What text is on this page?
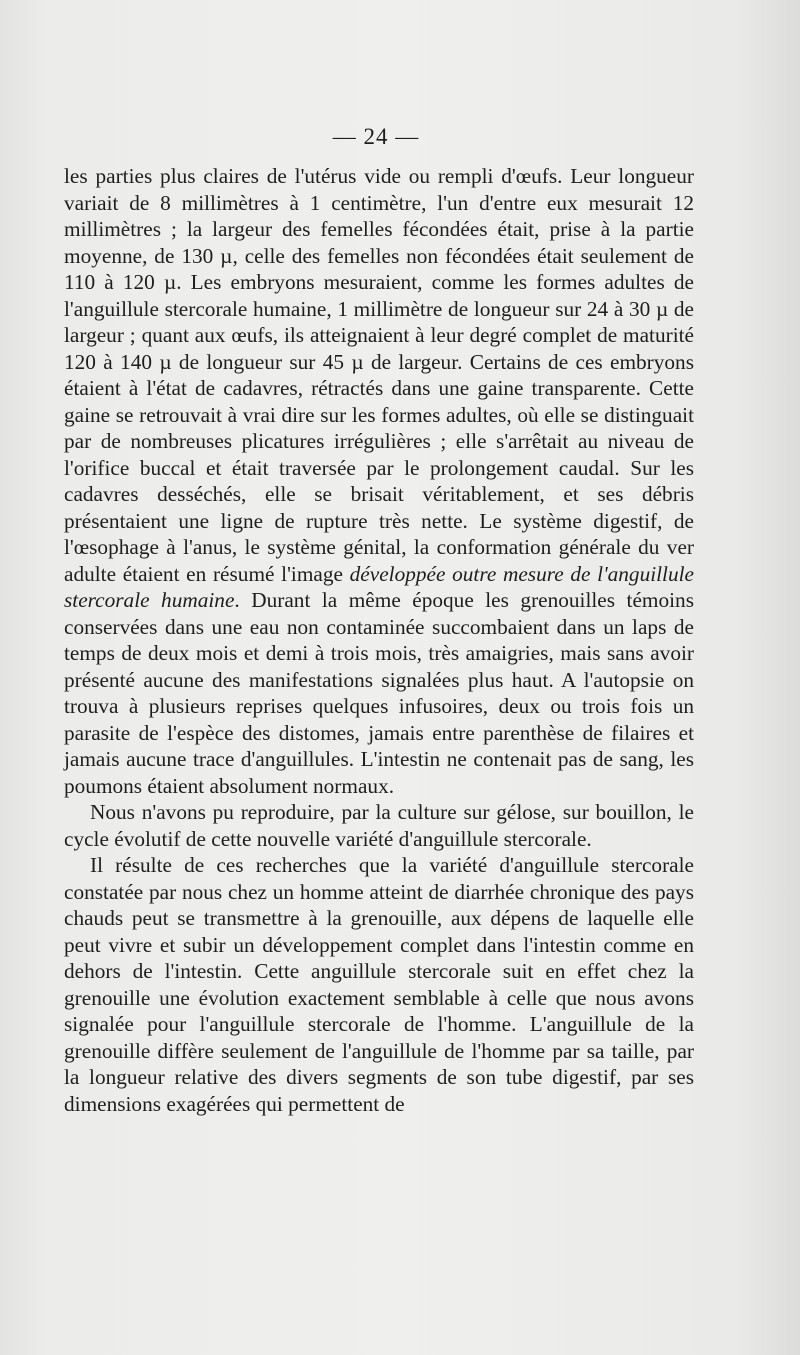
— 24 —

les parties plus claires de l'utérus vide ou rempli d'œufs. Leur longueur variait de 8 millimètres à 1 centimètre, l'un d'entre eux mesurait 12 millimètres ; la largeur des femelles fécondées était, prise à la partie moyenne, de 130 µ, celle des femelles non fécondées était seulement de 110 à 120 µ. Les embryons mesuraient, comme les formes adultes de l'anguillule stercorale humaine, 1 millimètre de longueur sur 24 à 30 µ de largeur ; quant aux œufs, ils atteignaient à leur degré complet de maturité 120 à 140 µ de longueur sur 45 µ de largeur. Certains de ces embryons étaient à l'état de cadavres, rétractés dans une gaine transparente. Cette gaine se retrouvait à vrai dire sur les formes adultes, où elle se distinguait par de nombreuses plicatures irrégulières ; elle s'arrêtait au niveau de l'orifice buccal et était traversée par le prolongement caudal. Sur les cadavres desséchés, elle se brisait véritablement, et ses débris présentaient une ligne de rupture très nette. Le système digestif, de l'œsophage à l'anus, le système génital, la conformation générale du ver adulte étaient en résumé l'image développée outre mesure de l'anguillule stercorale humaine. Durant la même époque les grenouilles témoins conservées dans une eau non contaminée succombaient dans un laps de temps de deux mois et demi à trois mois, très amaigries, mais sans avoir présenté aucune des manifestations signalées plus haut. A l'autopsie on trouva à plusieurs reprises quelques infusoires, deux ou trois fois un parasite de l'espèce des distomes, jamais entre parenthèse de filaires et jamais aucune trace d'anguillules. L'intestin ne contenait pas de sang, les poumons étaient absolument normaux.

Nous n'avons pu reproduire, par la culture sur gélose, sur bouillon, le cycle évolutif de cette nouvelle variété d'anguillule stercorale.

Il résulte de ces recherches que la variété d'anguillule stercorale constatée par nous chez un homme atteint de diarrhée chronique des pays chauds peut se transmettre à la grenouille, aux dépens de laquelle elle peut vivre et subir un développement complet dans l'intestin comme en dehors de l'intestin. Cette anguillule stercorale suit en effet chez la grenouille une évolution exactement semblable à celle que nous avons signalée pour l'anguillule stercorale de l'homme. L'anguillule de la grenouille diffère seulement de l'anguillule de l'homme par sa taille, par la longueur relative des divers segments de son tube digestif, par ses dimensions exagérées qui permettent de
